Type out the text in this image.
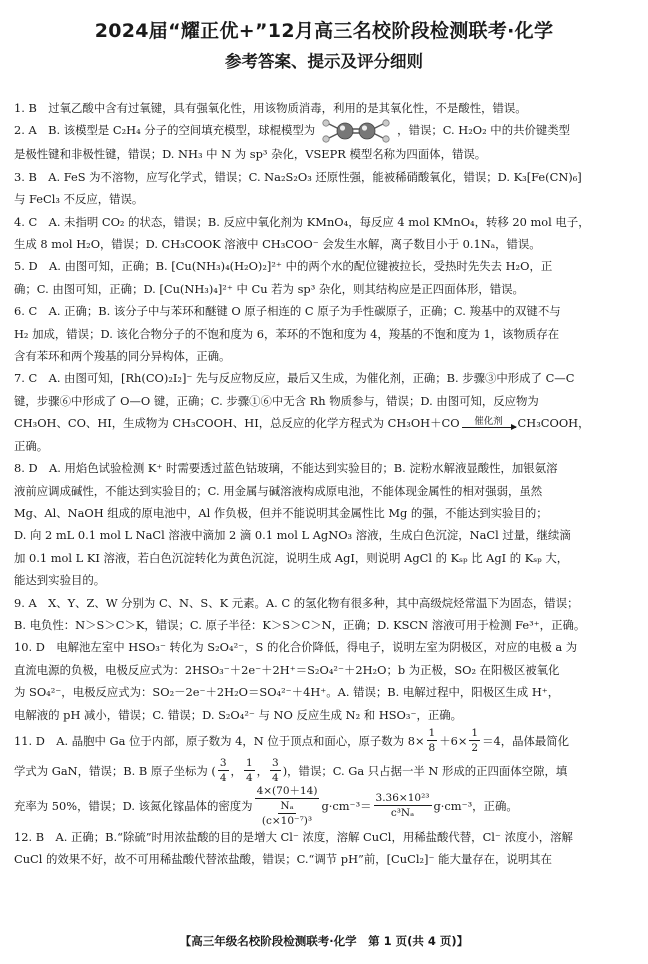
2024届“耀正优+”12月高三名校阶段检测联考·化学
参考答案、提示及评分细则

1. B　过氧乙酸中含有过氧键，具有强氧化性，用该物质消毒，利用的是其氧化性，不是酸性，错误。

2. A　B. 该模型是 C₂H₄ 分子的空间填充模型，球棍模型为	，错误；C. H₂O₂ 中的共价键类型

是极性键和非极性键，错误；D. NH₃ 中 N 为 sp³ 杂化，VSEPR 模型名称为四面体，错误。

3. B　A. FeS 为不溶物，应写化学式，错误；C. Na₂S₂O₃ 还原性强，能被稀硝酸氧化，错误；D. K₃[Fe(CN)₆]

与 FeCl₃ 不反应，错误。

4. C　A. 未指明 CO₂ 的状态，错误；B. 反应中氧化剂为 KMnO₄，每反应 4 mol KMnO₄，转移 20 mol 电子，

生成 8 mol H₂O，错误；D. CH₃COOK 溶液中 CH₃COO⁻ 会发生水解，离子数目小于 0.1Nₐ，错误。

5. D　A. 由图可知，正确；B. [Cu(NH₃)₄(H₂O)₂]²⁺ 中的两个水的配位键被拉长，受热时先失去 H₂O，正

确；C. 由图可知，正确；D. [Cu(NH₃)₄]²⁺ 中 Cu 若为 sp³ 杂化，则其结构应是正四面体形，错误。

6. C　A. 正确；B. 该分子中与苯环和醚键 O 原子相连的 C 原子为手性碳原子，正确；C. 羧基中的双键不与

H₂ 加成，错误；D. 该化合物分子的不饱和度为 6，苯环的不饱和度为 4，羧基的不饱和度为 1，该物质存在

含有苯环和两个羧基的同分异构体，正确。

7. C　A. 由图可知，[Rh(CO)₂I₂]⁻ 先与反应物反应，最后又生成，为催化剂，正确；B. 步骤③中形成了 C—C

键，步骤⑥中形成了 O—O 键，正确；C. 步骤①⑥中无含 Rh 物质参与，错误；D. 由图可知，反应物为

CH₃OH、CO、HI，生成物为 CH₃COOH、HI，总反应的化学方程式为 CH₃OH＋CO 催化剂 CH₃COOH，

正确。

8. D　A. 用焰色试验检测 K⁺ 时需要透过蓝色钴玻璃，不能达到实验目的；B. 淀粉水解液显酸性，加银氨溶

液前应调成碱性，不能达到实验目的；C. 用金属与碱溶液构成原电池，不能体现金属性的相对强弱，虽然

Mg、Al、NaOH 组成的原电池中，Al 作负极，但并不能说明其金属性比 Mg 的强，不能达到实验目的；

D. 向 2 mL 0.1 mol L NaCl 溶液中滴加 2 滴 0.1 mol L AgNO₃ 溶液，生成白色沉淀，NaCl 过量，继续滴

加 0.1 mol L KI 溶液，若白色沉淀转化为黄色沉淀，说明生成 AgI，则说明 AgCl 的 Kₛₚ 比 AgI 的 Kₛₚ 大，

能达到实验目的。

9. A　X、Y、Z、W 分别为 C、N、S、K 元素。A. C 的氢化物有很多种，其中高级烷烃常温下为固态，错误；

B. 电负性：N＞S＞C＞K，错误；C. 原子半径：K＞S＞C＞N，正确；D. KSCN 溶液可用于检测 Fe³⁺，正确。

10. D　电解池左室中 HSO₃⁻ 转化为 S₂O₄²⁻，S 的化合价降低，得电子，说明左室为阴极区，对应的电极 a 为

直流电源的负极，电极反应式为：2HSO₃⁻＋2e⁻＋2H⁺＝S₂O₄²⁻＋2H₂O；b 为正极，SO₂ 在阳极区被氧化

为 SO₄²⁻，电极反应式为：SO₂－2e⁻＋2H₂O＝SO₄²⁻＋4H⁺。A. 错误；B. 电解过程中，阳极区生成 H⁺，

电解液的 pH 减小，错误；C. 错误；D. S₂O₄²⁻ 与 NO 反应生成 N₂ 和 HSO₃⁻，正确。

11. D　A. 晶胞中 Ga 位于内部，原子数为 4，N 位于顶点和面心，原子数为 $8\times \frac{1}{8} +6\times \frac{1}{2} =4$，晶体最简化

学式为 GaN，错误；B. B 原子坐标为 ( $\frac{3}{4}$ ， $\frac{1}{4}$ ， $\frac{3}{4}$ )，错误；C. Ga 只占据一半 N 形成的正四面体空隙，填

充率为 50%，错误；D. 该氮化镓晶体的密度为 $\frac{4\times(70+14)}{\frac{\text{Nₐ}}{\text{(c×10⁻⁷)³}}} g\cdot cm^{-3}= \frac{\text{3.36×10²³}}{\text{c³Nₐ}} g\cdot cm^{-3}$，正确。

12. B　A. 正确；B.“除硫”时用浓盐酸的目的是增大 Cl⁻ 浓度，溶解 CuCl，用稀盐酸代替，Cl⁻ 浓度小，溶解

CuCl 的效果不好，故不可用稀盐酸代替浓盐酸，错误；C.“调节 pH”前，[CuCl₂]⁻ 能大量存在，说明其在

【高三年级名校阶段检测联考·化学　第 1 页(共 4 页)】
